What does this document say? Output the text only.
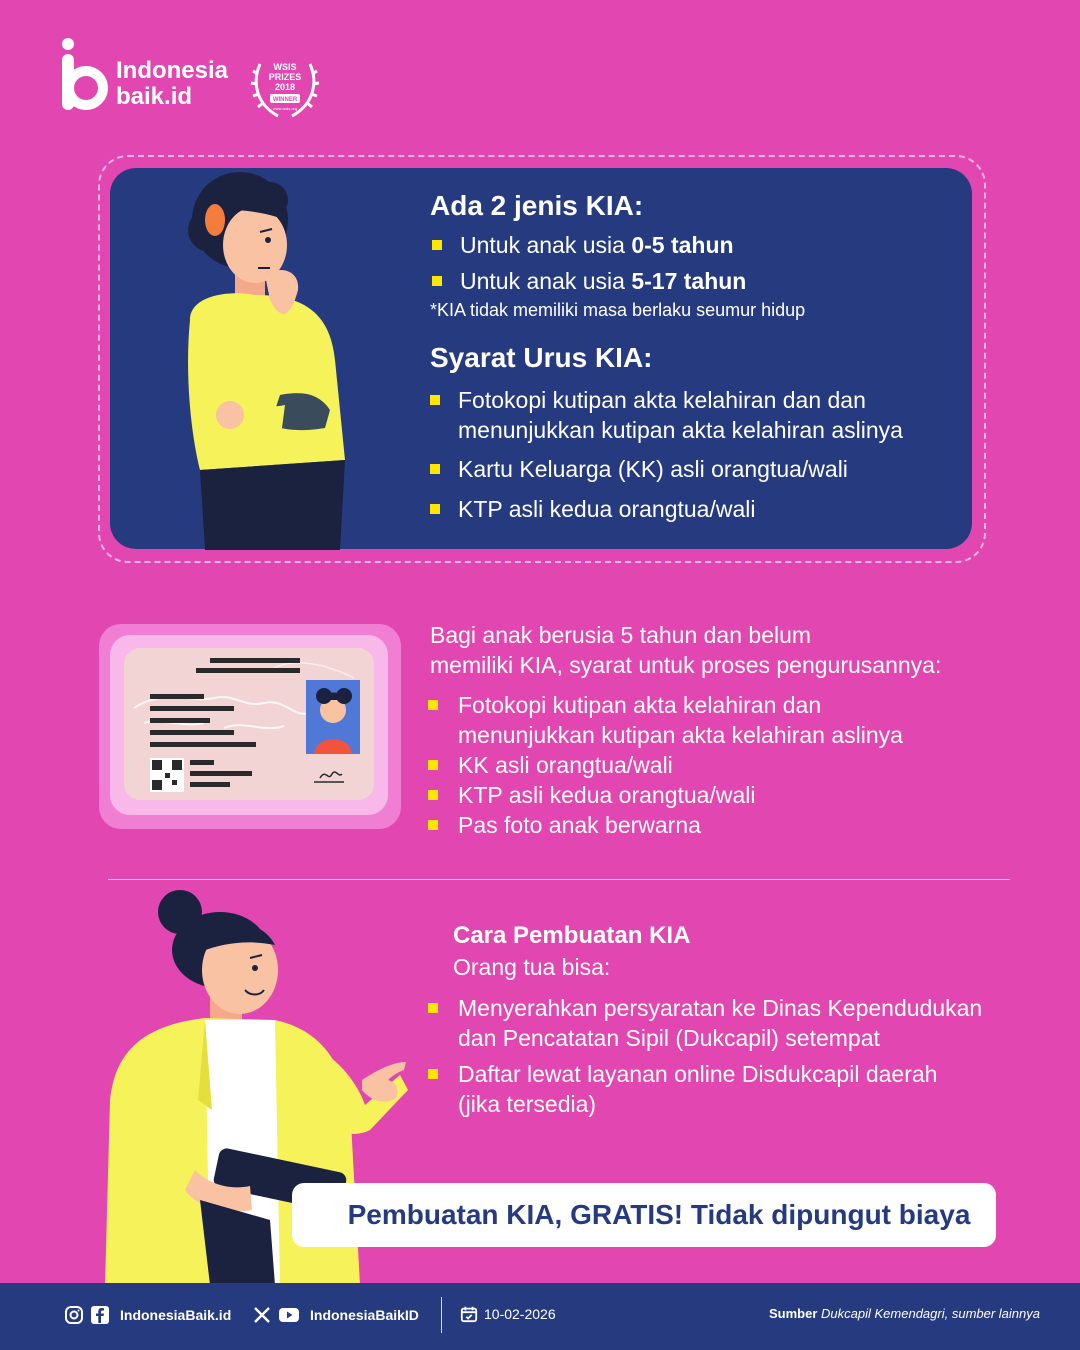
Indonesia
baik.id
WSIS
PRIZES
2018
WINNER
www.wsis.org
Ada 2 jenis KIA:
Untuk anak usia 0-5 tahun
Untuk anak usia 5-17 tahun
*KIA tidak memiliki masa berlaku seumur hidup
Syarat Urus KIA:
Fotokopi kutipan akta kelahiran dan dan
menunjukkan kutipan akta kelahiran aslinya
Kartu Keluarga (KK) asli orangtua/wali
KTP asli kedua orangtua/wali
Bagi anak berusia 5 tahun dan belum
memiliki KIA, syarat untuk proses pengurusannya:
Fotokopi kutipan akta kelahiran dan
menunjukkan kutipan akta kelahiran aslinya
KK asli orangtua/wali
KTP asli kedua orangtua/wali
Pas foto anak berwarna
Cara Pembuatan KIA
Orang tua bisa:
Menyerahkan persyaratan ke Dinas Kependudukan
dan Pencatatan Sipil (Dukcapil) setempat
Daftar lewat layanan online Disdukcapil daerah
(jika tersedia)
Pembuatan KIA, GRATIS! Tidak dipungut biaya
IndonesiaBaik.id	IndonesiaBaikID	10-02-2026	Sumber Dukcapil Kemendagri, sumber lainnya
